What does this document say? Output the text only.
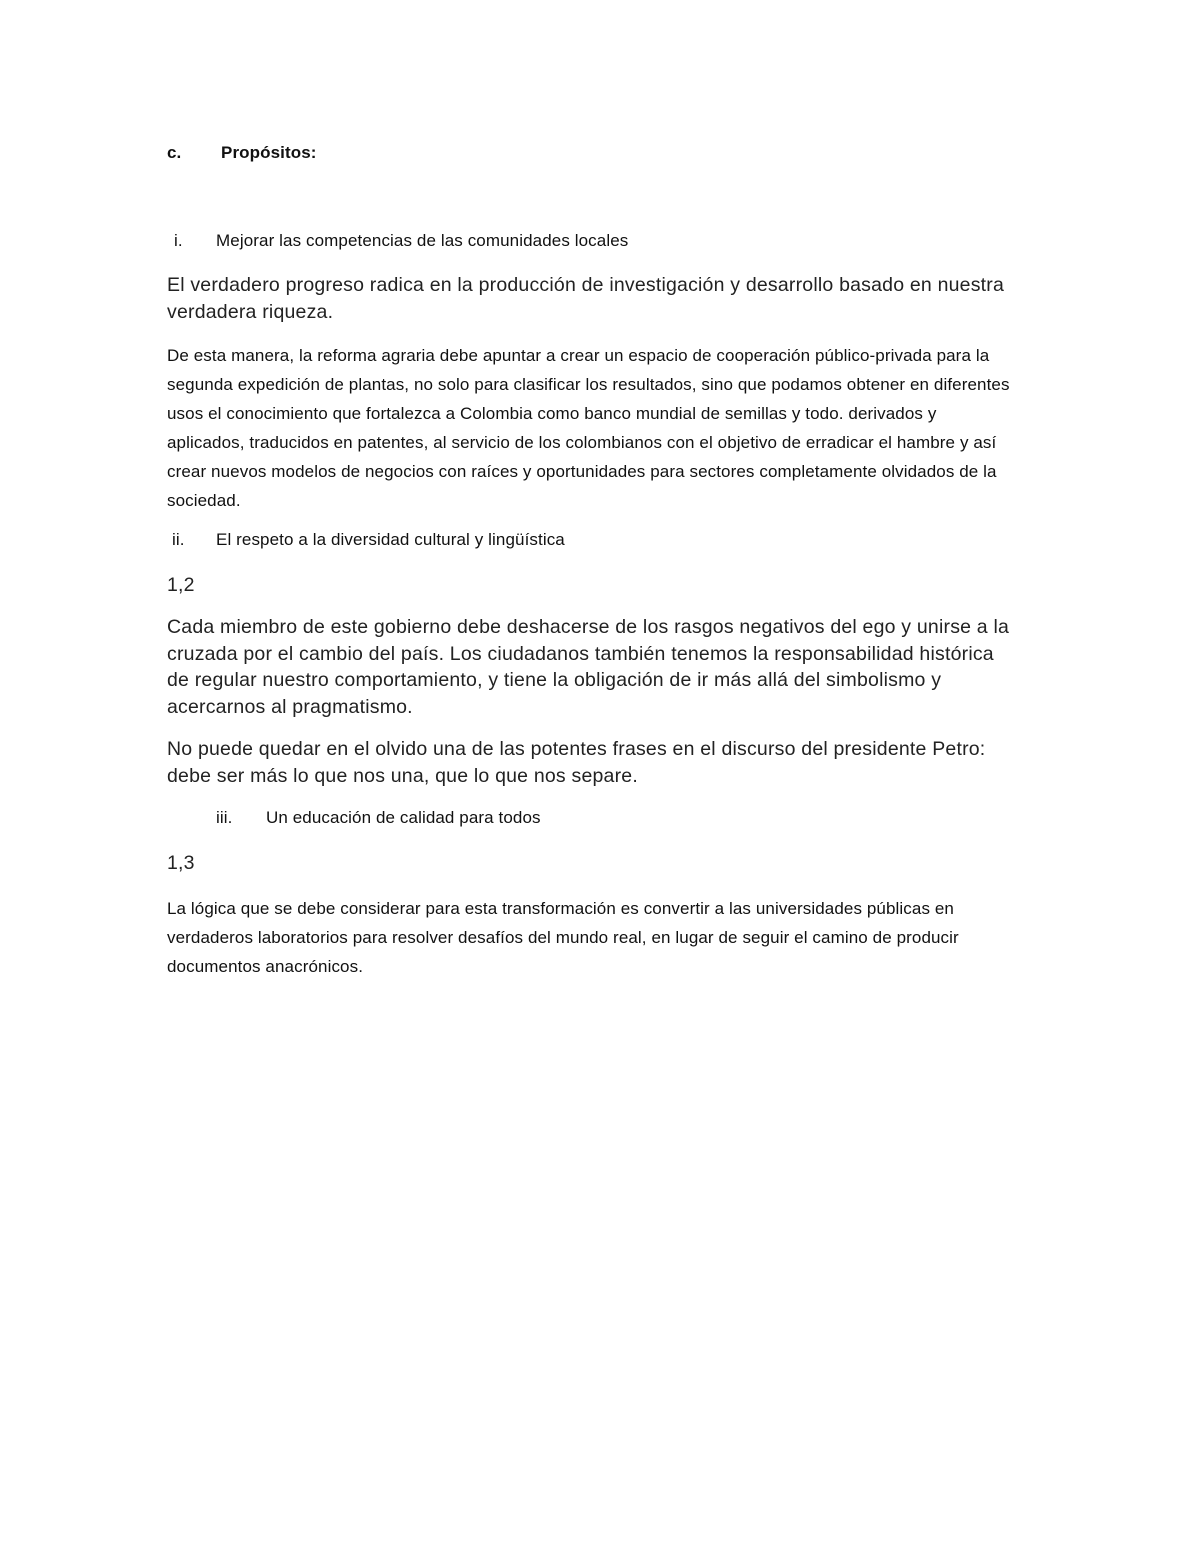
c. Propósitos:
i. Mejorar las competencias de las comunidades locales

El verdadero progreso radica en la producción de investigación y desarrollo basado en nuestra verdadera riqueza.

De esta manera, la reforma agraria debe apuntar a crear un espacio de cooperación público-privada para la segunda expedición de plantas, no solo para clasificar los resultados, sino que podamos obtener en diferentes usos el conocimiento que fortalezca a Colombia como banco mundial de semillas y todo. derivados y aplicados, traducidos en patentes, al servicio de los colombianos con el objetivo de erradicar el hambre y así crear nuevos modelos de negocios con raíces y oportunidades para sectores completamente olvidados de la sociedad.

ii. El respeto a la diversidad cultural y lingüística

1,2

Cada miembro de este gobierno debe deshacerse de los rasgos negativos del ego y unirse a la cruzada por el cambio del país. Los ciudadanos también tenemos la responsabilidad histórica de regular nuestro comportamiento, y tiene la obligación de ir más allá del simbolismo y acercarnos al pragmatismo.

No puede quedar en el olvido una de las potentes frases en el discurso del presidente Petro: debe ser más lo que nos una, que lo que nos separe.

iii. Un educación de calidad para todos

1,3

La lógica que se debe considerar para esta transformación es convertir a las universidades públicas en verdaderos laboratorios para resolver desafíos del mundo real, en lugar de seguir el camino de producir documentos anacrónicos.
